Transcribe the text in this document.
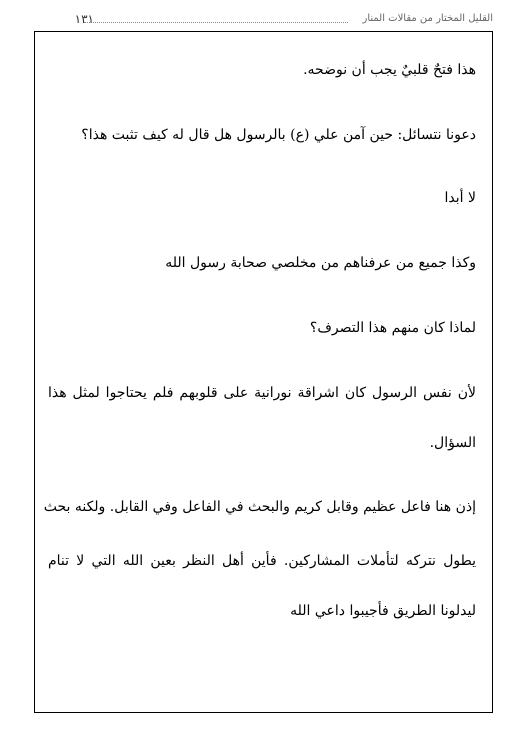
١٣١	القليل المختار من مقالات المنار
هذا فتحٌ قلبيٌ يجب أن نوضحه.
دعونا نتسائل: حين آمن علي (ع) بالرسول هل قال له كيف تثبت هذا؟
لا أبدا
وكذا جميع من عرفناهم من مخلصي صحابة رسول الله
لماذا كان منهم هذا التصرف؟
لأن نفس الرسول كان اشراقة نورانية على قلوبهم فلم يحتاجوا لمثل هذا
السؤال.
إذن هنا فاعل عظيم وقابل كريم والبحث في الفاعل وفي القابل. ولكنه بحث
يطول نتركه لتأملات المشاركين. فأين أهل النظر بعين الله التي لا تنام
ليدلونا الطريق فأجيبوا داعي الله
